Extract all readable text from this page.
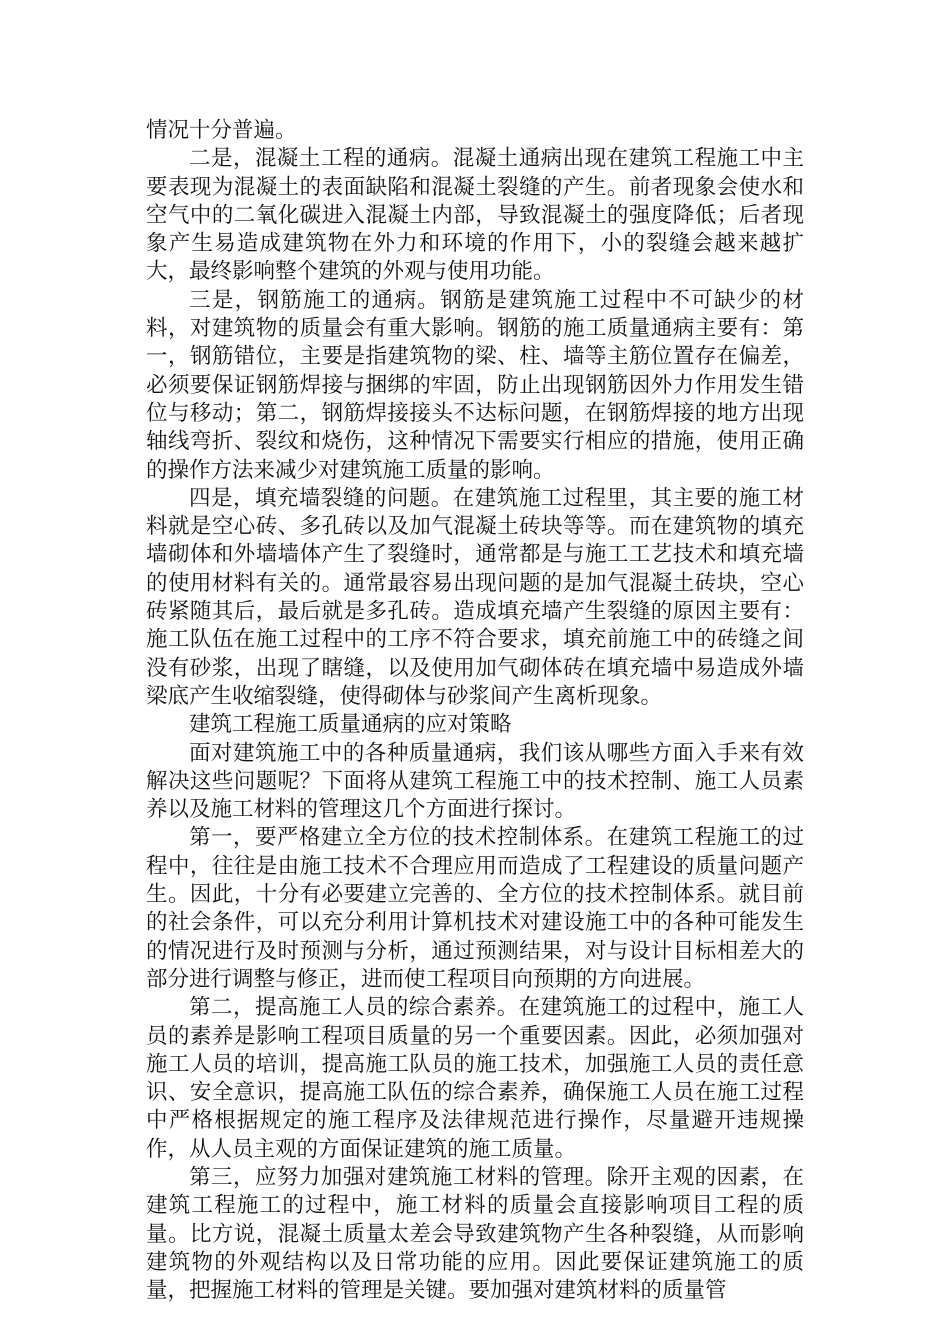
情况十分普遍。

二是，混凝土工程的通病。混凝土通病出现在建筑工程施工中主要表现为混凝土的表面缺陷和混凝土裂缝的产生。前者现象会使水和空气中的二氧化碳进入混凝土内部，导致混凝土的强度降低；后者现象产生易造成建筑物在外力和环境的作用下，小的裂缝会越来越扩大，最终影响整个建筑的外观与使用功能。

三是，钢筋施工的通病。钢筋是建筑施工过程中不可缺少的材料，对建筑物的质量会有重大影响。钢筋的施工质量通病主要有：第一，钢筋错位，主要是指建筑物的梁、柱、墙等主筋位置存在偏差，必须要保证钢筋焊接与捆绑的牢固，防止出现钢筋因外力作用发生错位与移动；第二，钢筋焊接接头不达标问题，在钢筋焊接的地方出现轴线弯折、裂纹和烧伤，这种情况下需要实行相应的措施，使用正确的操作方法来减少对建筑施工质量的影响。

四是，填充墙裂缝的问题。在建筑施工过程里，其主要的施工材料就是空心砖、多孔砖以及加气混凝土砖块等等。而在建筑物的填充墙砌体和外墙墙体产生了裂缝时，通常都是与施工工艺技术和填充墙的使用材料有关的。通常最容易出现问题的是加气混凝土砖块，空心砖紧随其后，最后就是多孔砖。造成填充墙产生裂缝的原因主要有：施工队伍在施工过程中的工序不符合要求，填充前施工中的砖缝之间没有砂浆，出现了瞎缝，以及使用加气砌体砖在填充墙中易造成外墙梁底产生收缩裂缝，使得砌体与砂浆间产生离析现象。

建筑工程施工质量通病的应对策略

面对建筑施工中的各种质量通病，我们该从哪些方面入手来有效解决这些问题呢？下面将从建筑工程施工中的技术控制、施工人员素养以及施工材料的管理这几个方面进行探讨。

第一，要严格建立全方位的技术控制体系。在建筑工程施工的过程中，往往是由施工技术不合理应用而造成了工程建设的质量问题产生。因此，十分有必要建立完善的、全方位的技术控制体系。就目前的社会条件，可以充分利用计算机技术对建设施工中的各种可能发生的情况进行及时预测与分析，通过预测结果，对与设计目标相差大的部分进行调整与修正，进而使工程项目向预期的方向进展。

第二，提高施工人员的综合素养。在建筑施工的过程中，施工人员的素养是影响工程项目质量的另一个重要因素。因此，必须加强对施工人员的培训，提高施工队员的施工技术，加强施工人员的责任意识、安全意识，提高施工队伍的综合素养，确保施工人员在施工过程中严格根据规定的施工程序及法律规范进行操作，尽量避开违规操作，从人员主观的方面保证建筑的施工质量。

第三，应努力加强对建筑施工材料的管理。除开主观的因素，在建筑工程施工的过程中，施工材料的质量会直接影响项目工程的质量。比方说，混凝土质量太差会导致建筑物产生各种裂缝，从而影响建筑物的外观结构以及日常功能的应用。因此要保证建筑施工的质量，把握施工材料的管理是关键。要加强对建筑材料的质量管
